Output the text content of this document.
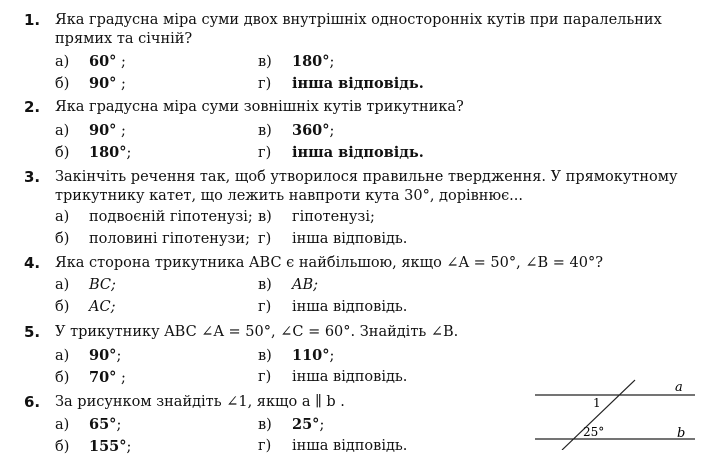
1. Яка градусна міра суми двох внутрішніх односторонніх кутів при паралельних прямих та січній?
а) 60° ;	в) 180°;
б) 90° ;	г) інша відповідь.
2. Яка градусна міра суми зовнішніх кутів трикутника?
а) 90° ;	в) 360°;
б) 180°;	г) інша відповідь.
3. Закінчіть речення так, щоб утворилося правильне твердження. У прямокутному трикутнику катет, що лежить навпроти кута 30°, дорівнює...
а) подвоєній гіпотенузі; в) гіпотенузі;
б) половині гіпотенузи; г) інша відповідь.
4. Яка сторона трикутника ABC є найбільшою, якщо ∠A = 50°, ∠B = 40°?
а) BC;	в) AB;
б) AC;	г) інша відповідь.
5. У трикутнику ABC ∠A = 50°, ∠C = 60°. Знайдіть ∠B.
а) 90°;	в) 110°;
б) 70° ;	г) інша відповідь.
6. За рисунком знайдіть ∠1, якщо a ∥ b .
а) 65°;	в) 25°;
б) 155°;	г) інша відповідь.
a
b
1
25°
